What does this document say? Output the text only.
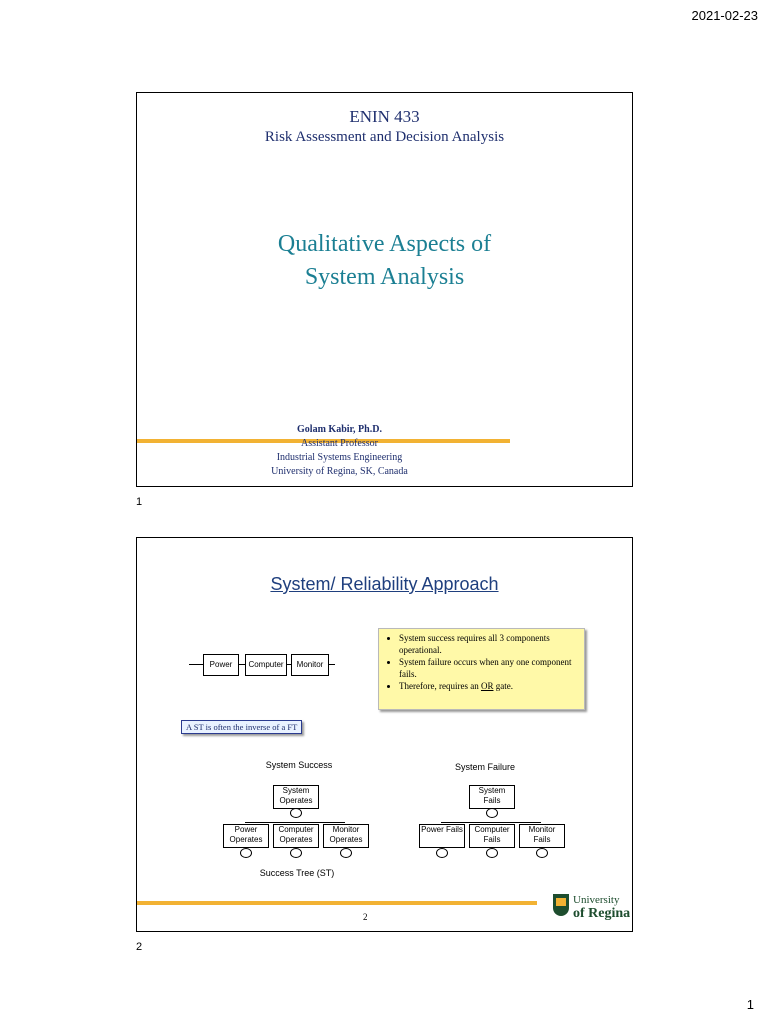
2021-02-23
ENIN 433
Risk Assessment and Decision Analysis
Qualitative Aspects of
System Analysis
Golam Kabir, Ph.D.
Assistant Professor
Industrial Systems Engineering
University of Regina, SK, Canada
1
System/ Reliability Approach
Power	Computer	Monitor
• System success requires all 3 components operational.
• System failure occurs when any one component fails.
• Therefore, requires an OR gate.
A ST is often the inverse of a FT
System Success
System Operates
Power Operates
Computer Operates
Monitor Operates
Success Tree (ST)
System Failure
System Fails
Power Fails	Computer Fails
Monitor Fails
2
University
of Regina
2
1
